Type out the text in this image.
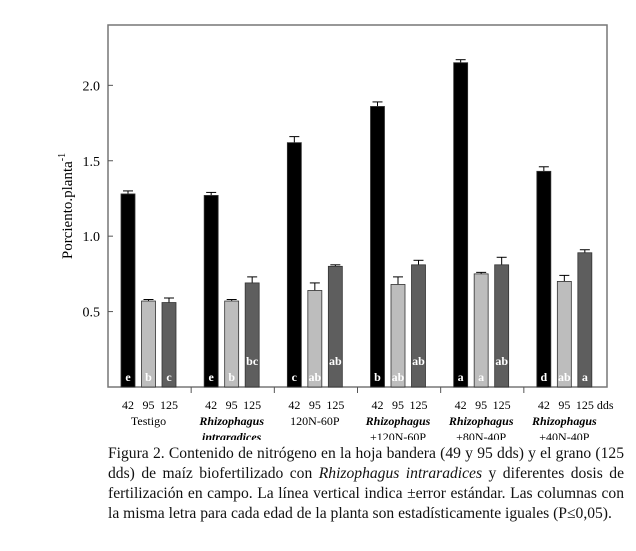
0.5
1.0
1.5
2.0
Porciento.planta$^{-1}$
e
42
b
95
c
125
Testigo
e
42
b
95
bc
125
Rhizophagus
intraradices
c
42
ab
95
ab
125
120N-60P
b
42
ab
95
ab
125
Rhizophagus
+120N-60P
a
42
a
95
ab
125
Rhizophagus
+80N-40P
d
42
ab
95
a
125
Rhizophagus
+40N-40P
dds

Figura 2. Contenido de nitrógeno en la hoja bandera (49 y 95 dds) y el grano (125 dds) de maíz biofertilizado con Rhizophagus intraradices y diferentes dosis de fertilización en campo. La línea vertical indica ±error estándar. Las columnas con la misma letra para cada edad de la planta son estadísticamente iguales (P≤0,05).
